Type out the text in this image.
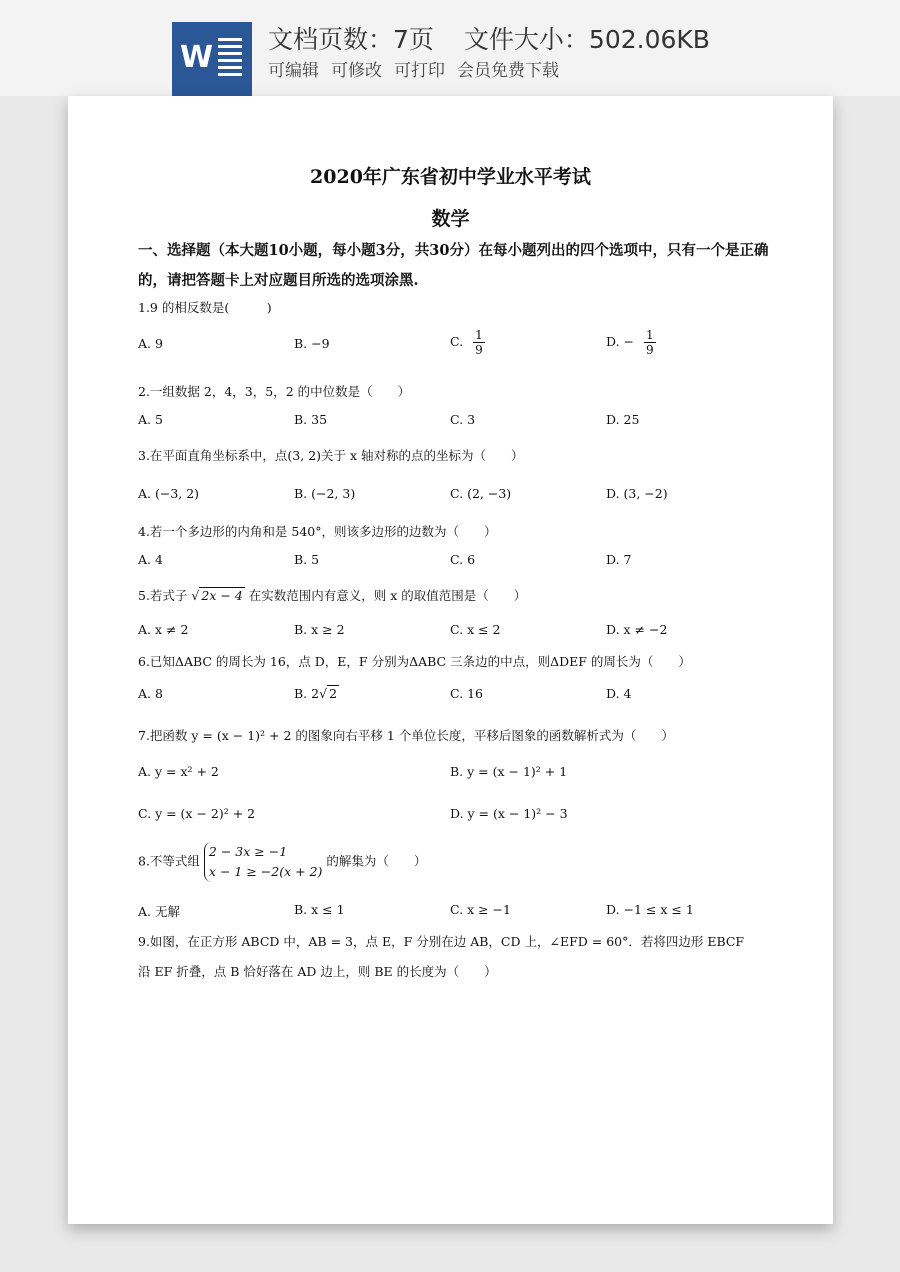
W
文档页数：7页 文件大小：502.06KB
可编辑 可修改 可打印 会员免费下载
2020年广东省初中学业水平考试
数学
一、选择题（本大题10小题，每小题3分，共30分）在每小题列出的四个选项中，只有一个是正确的，请把答题卡上对应题目所选的选项涂黑.
1.9 的相反数是(　　　)
A. 9	B. −9	C. $\frac{1}{9}$	D. − $\frac{1}{9}$
2.一组数据 2，4，3，5，2 的中位数是（　　）
A. 5	B. 35	C. 3	D. 25
3.在平面直角坐标系中，点(3, 2)关于 x 轴对称的点的坐标为（　　）
A. (−3, 2)	B. (−2, 3)	C. (2, −3)	D. (3, −2)
4.若一个多边形的内角和是 540°，则该多边形的边数为（　　）
A. 4	B. 5	C. 6	D. 7
5.若式子 √ 2x − 4 在实数范围内有意义，则 x 的取值范围是（　　）
A. x ≠ 2	B. x ≥ 2	C. x ≤ 2	D. x ≠ −2
6.已知ΔABC 的周长为 16，点 D，E，F 分别为ΔABC 三条边的中点，则ΔDEF 的周长为（　　）
A. 8	B. 2√ 2	C. 16	D. 4
7.把函数 y = (x − 1)² + 2 的图象向右平移 1 个单位长度，平移后图象的函数解析式为（　　）
A. y = x² + 2	B. y = (x − 1)² + 1
C. y = (x − 2)² + 2	D. y = (x − 1)² − 3
8.不等式组
2 − 3x ≥ −1
x − 1 ≥ −2(x + 2)
的解集为（　　）
A. 无解	B. x ≤ 1	C. x ≥ −1	D. −1 ≤ x ≤ 1
9.如图，在正方形 ABCD 中，AB = 3，点 E，F 分别在边 AB，CD 上，∠EFD = 60°．若将四边形 EBCF
沿 EF 折叠，点 B 恰好落在 AD 边上，则 BE 的长度为（　　）
